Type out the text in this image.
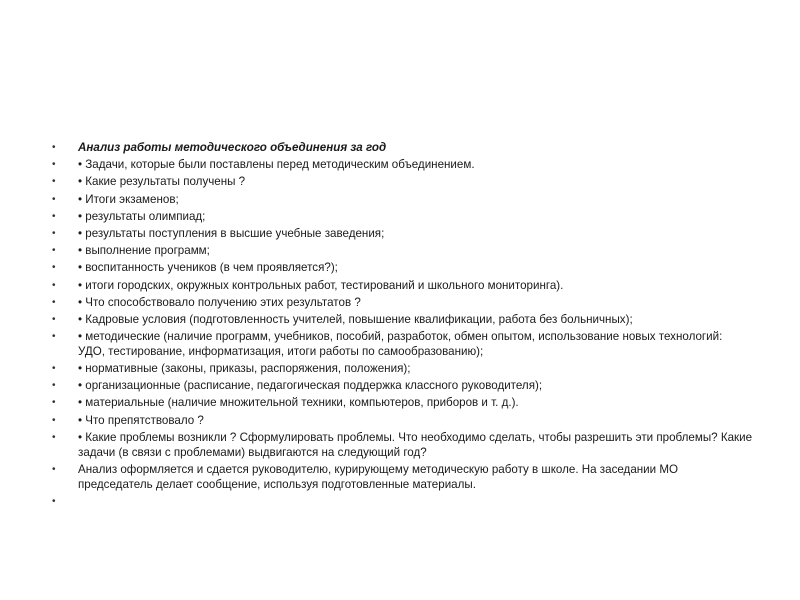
• Анализ работы методического объединения за год
• • Задачи, которые были поставлены перед методическим объединением.
• • Какие результаты получены ?
• • Итоги экзаменов;
• • результаты олимпиад;
• • результаты поступления в высшие учебные заведения;
• • выполнение программ;
• • воспитанность учеников (в чем проявляется?);
• • итоги городских, окружных контрольных работ, тестирований и школьного мониторинга).
• • Что способствовало получению этих результатов ?
• • Кадровые условия (подготовленность учителей, повышение квалификации, работа без больничных);
• • методические (наличие программ, учебников, пособий, разработок, обмен опытом, использование новых технологий: УДО, тестирование, информатизация, итоги работы по самообразованию);
• • нормативные (законы, приказы, распоряжения, положения);
• • организационные (расписание, педагогическая поддержка классного руководителя);
• • материальные (наличие множительной техники, компьютеров, приборов и т. д.).
• • Что препятствовало ?
• • Какие проблемы возникли ? Сформулировать проблемы. Что необходимо сделать, чтобы разрешить эти проблемы? Какие задачи (в связи с проблемами) выдвигаются на следующий год?
• Анализ оформляется и сдается руководителю, курирующему методическую работу в школе. На заседании МО председатель делает сообщение, используя подготовленные материалы.
•
